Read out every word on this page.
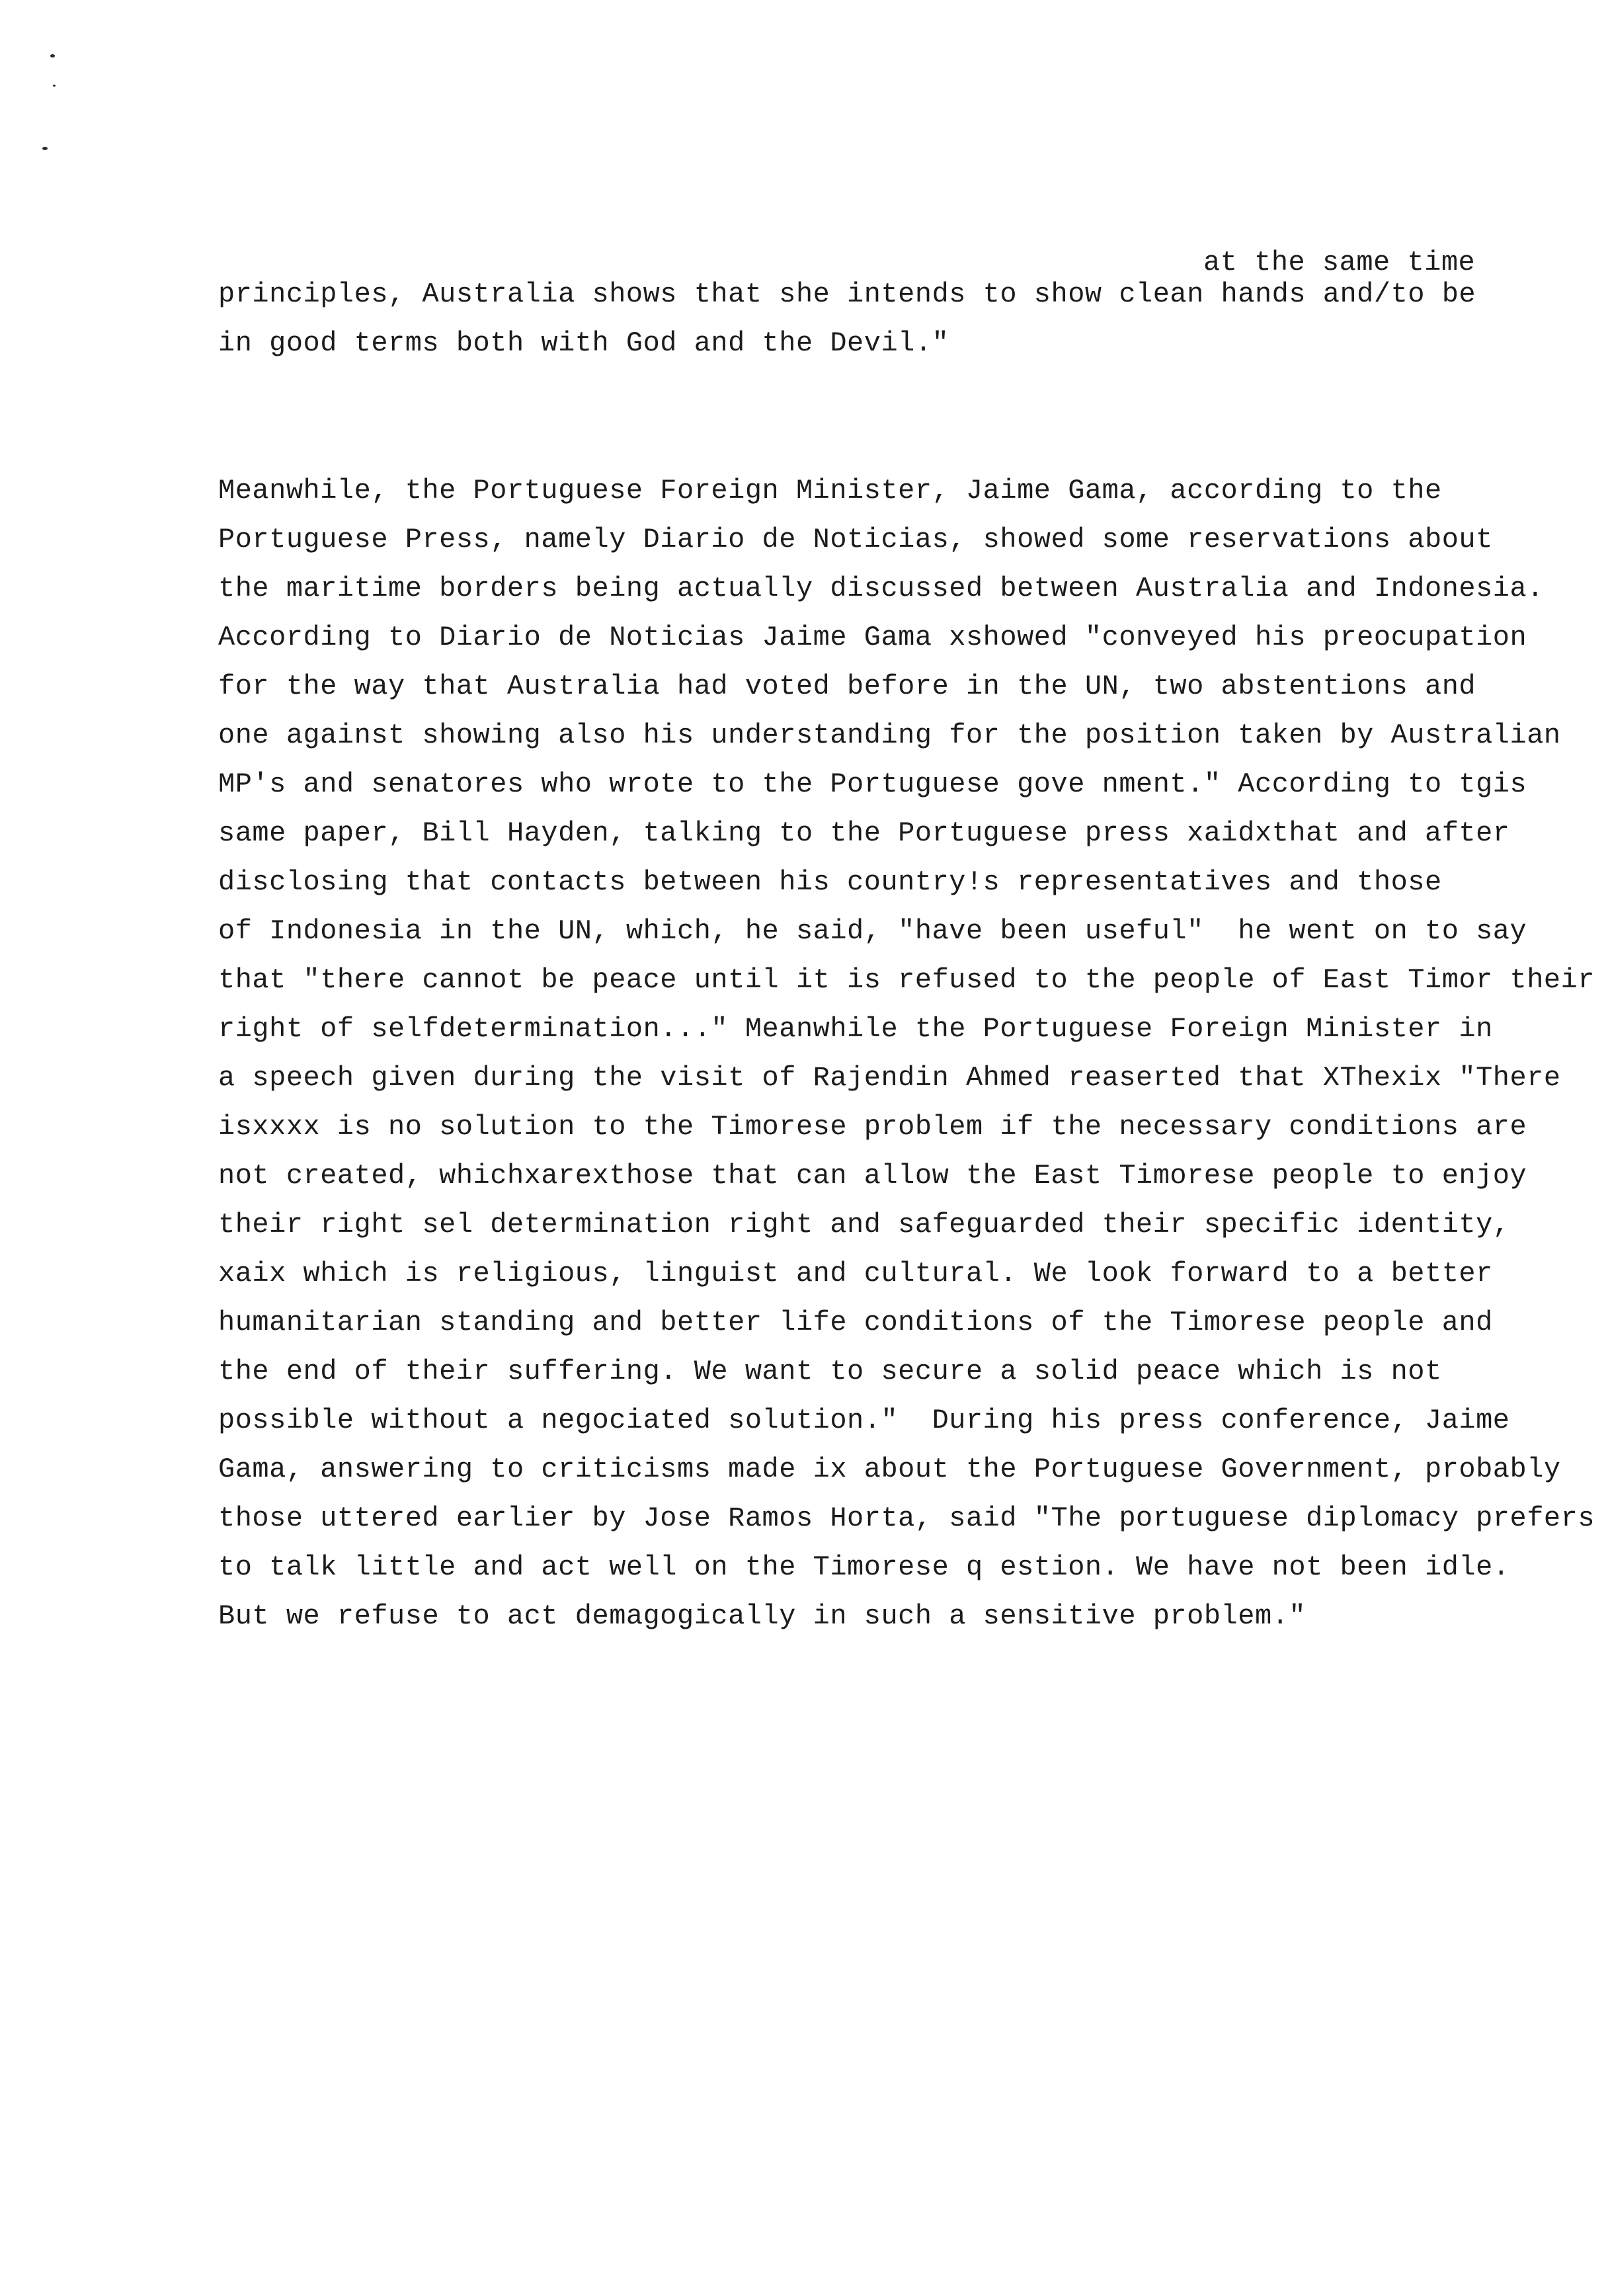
at the same time
principles, Australia shows that she intends to show clean hands and/to be
in good terms both with God and the Devil."
Meanwhile, the Portuguese Foreign Minister, Jaime Gama, according to the
Portuguese Press, namely Diario de Noticias, showed some reservations about
the maritime borders being actually discussed between Australia and Indonesia.
According to Diario de Noticias Jaime Gama xshowed "conveyed his preocupation
for the way that Australia had voted before in the UN, two abstentions and
one against showing also his understanding for the position taken by Australian
MP's and senatores who wrote to the Portuguese gove nment." According to tgis
same paper, Bill Hayden, talking to the Portuguese press xaidxthat and after
disclosing that contacts between his country!s representatives and those
of Indonesia in the UN, which, he said, "have been useful"  he went on to say
that "there cannot be peace until it is refused to the people of East Timor their
right of selfdetermination..." Meanwhile the Portuguese Foreign Minister in
a speech given during the visit of Rajendin Ahmed reaserted that XThexix "There
isxxxx is no solution to the Timorese problem if the necessary conditions are
not created, whichxarexthose that can allow the East Timorese people to enjoy
their right sel determination right and safeguarded their specific identity,
xaix which is religious, linguist and cultural. We look forward to a better
humanitarian standing and better life conditions of the Timorese people and
the end of their suffering. We want to secure a solid peace which is not
possible without a negociated solution."  During his press conference, Jaime
Gama, answering to criticisms made ix about the Portuguese Government, probably
those uttered earlier by Jose Ramos Horta, said "The portuguese diplomacy prefers
to talk little and act well on the Timorese q estion. We have not been idle.
But we refuse to act demagogically in such a sensitive problem."
